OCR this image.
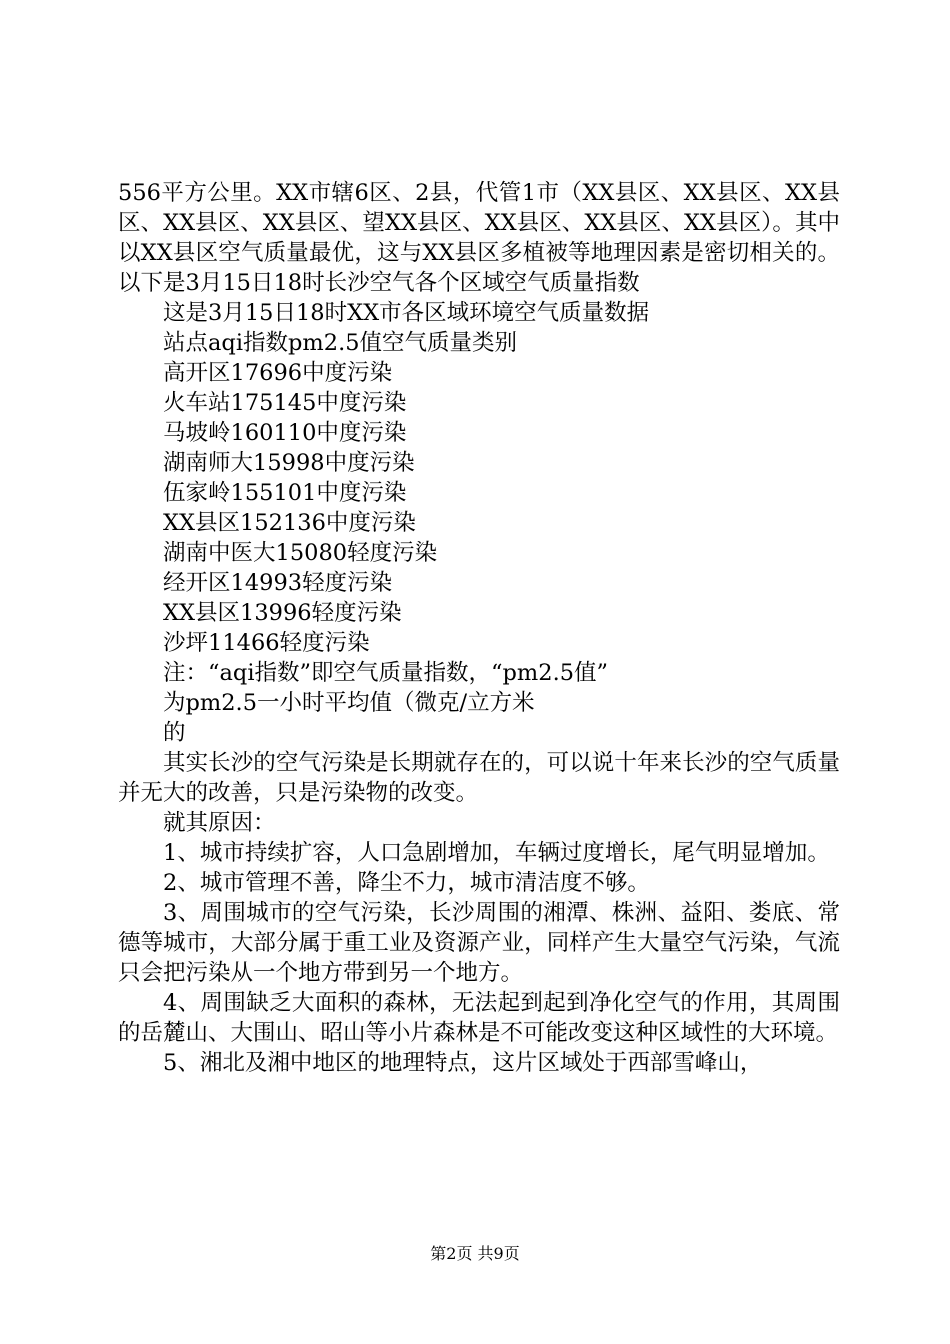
556平方公里。XX市辖6区、2县，代管1市（XX县区、XX县区、XX县区、XX县区、XX县区、望XX县区、XX县区、XX县区、XX县区）。其中以XX县区空气质量最优，这与XX县区多植被等地理因素是密切相关的。以下是3月15日18时长沙空气各个区域空气质量指数

这是3月15日18时XX市各区域环境空气质量数据

站点aqi指数pm2.5值空气质量类别

高开区17696中度污染

火车站175145中度污染

马坡岭160110中度污染

湖南师大15998中度污染

伍家岭155101中度污染

XX县区152136中度污染

湖南中医大15080轻度污染

经开区14993轻度污染

XX县区13996轻度污染

沙坪11466轻度污染

注：“aqi指数”即空气质量指数，“pm2.5值”

为pm2.5一小时平均值（微克/立方米

的

其实长沙的空气污染是长期就存在的，可以说十年来长沙的空气质量并无大的改善，只是污染物的改变。

就其原因：

1、城市持续扩容，人口急剧增加，车辆过度增长，尾气明显增加。

2、城市管理不善，降尘不力，城市清洁度不够。

3、周围城市的空气污染，长沙周围的湘潭、株洲、益阳、娄底、常德等城市，大部分属于重工业及资源产业，同样产生大量空气污染，气流只会把污染从一个地方带到另一个地方。

4、周围缺乏大面积的森林，无法起到起到净化空气的作用，其周围的岳麓山、大围山、昭山等小片森林是不可能改变这种区域性的大环境。

5、湘北及湘中地区的地理特点，这片区域处于西部雪峰山，

第2页 共9页
